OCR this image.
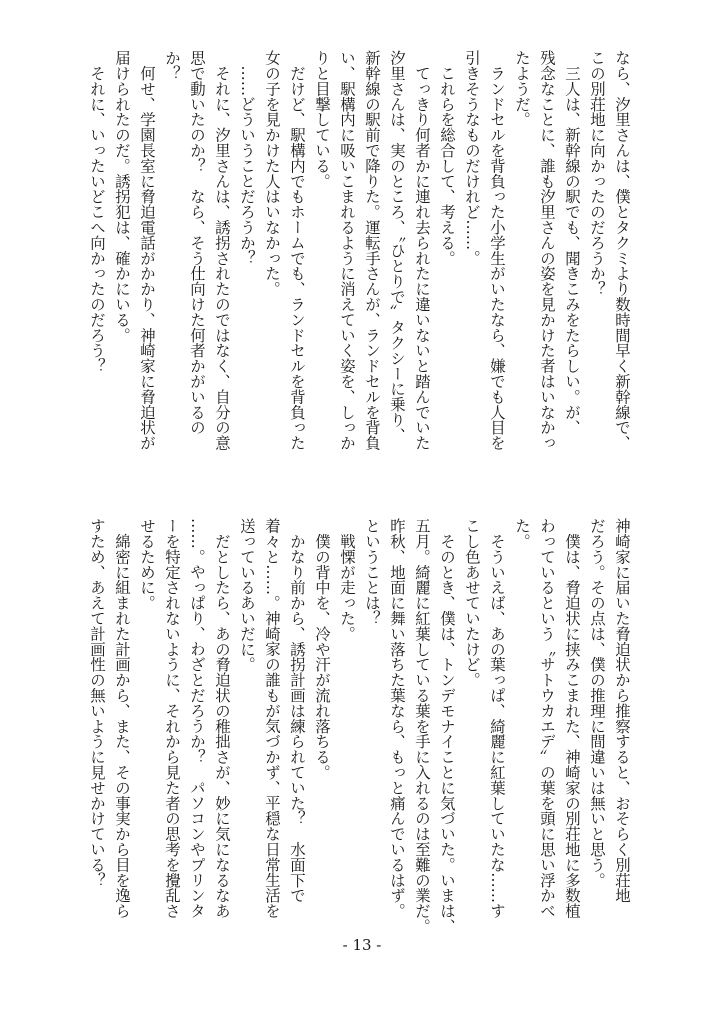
なら、汐里さんは、僕とタクミより数時間早く新幹線で、
この別荘地に向かったのだろうか？
　三人は、新幹線の駅でも、聞きこみをたらしい。が、
残念なことに、誰も汐里さんの姿を見かけた者はいなかっ
たようだ。
　ランドセルを背負った小学生がいたなら、嫌でも人目を
引きそうなものだけれど……。
　これらを総合して、考える。
　てっきり何者かに連れ去られたに違いないと踏んでいた
汐里さんは、実のところ、〝ひとりで〟タクシーに乗り、
新幹線の駅前で降りた。運転手さんが、ランドセルを背負
い、駅構内に吸いこまれるように消えていく姿を、しっか
りと目撃している。
　だけど、駅構内でもホームでも、ランドセルを背負った
女の子を見かけた人はいなかった。
　……どういうことだろうか？
　それに、汐里さんは、誘拐されたのではなく、自分の意
思で動いたのか？　なら、そう仕向けた何者かがいるの
か？
　何せ、学園長室に脅迫電話がかかり、神崎家に脅迫状が
届けられたのだ。誘拐犯は、確かにいる。
　それに、いったいどこへ向かったのだろう？
神崎家に届いた脅迫状から推察すると、おそらく別荘地
だろう。その点は、僕の推理に間違いは無いと思う。
　僕は、脅迫状に挟みこまれた、神崎家の別荘地に多数植
わっているという〝サトウカエデ〟の葉を頭に思い浮かべ
た。
　そういえば、あの葉っぱ、綺麗に紅葉していたな……す
こし色あせていたけど。
　そのとき、僕は、トンデモナイことに気づいた。いまは、
五月。綺麗に紅葉している葉を手に入れるのは至難の業だ。
昨秋、地面に舞い落ちた葉なら、もっと痛んでいるはず。
ということは？
　戦慄が走った。
　僕の背中を、冷や汗が流れ落ちる。
　かなり前から、誘拐計画は練られていた？　水面下で
着々と……。神崎家の誰もが気づかず、平穏な日常生活を
送っているあいだに。
　だとしたら、あの脅迫状の稚拙さが、妙に気になるなあ
……。やっぱり、わざとだろうか？　パソコンやプリンタ
ーを特定されないように、それから見た者の思考を攪乱さ
せるために。
　綿密に組まれた計画から、また、その事実から目を逸ら
すため、あえて計画性の無いように見せかけている？
- 13 -
